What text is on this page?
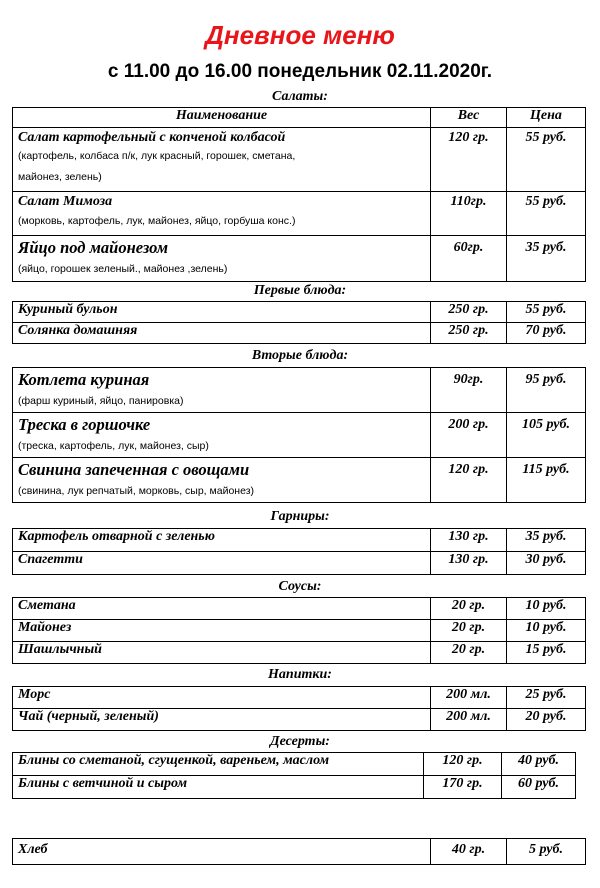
Дневное меню
с 11.00 до 16.00 понедельник 02.11.2020г.
Салаты:
Наименование	Вес	Цена

Салат картофельный с копченой колбасой
(картофель, колбаса п/к, лук красный, горошек, сметана,
майонез, зелень)	120 гр.	55 руб.

Салат Мимоза
(морковь, картофель, лук, майонез, яйцо, горбуша конс.)	110гр.	55 руб.

Яйцо под майонезом
(яйцо, горошек зеленый., майонез ,зелень)	60гр.	35 руб.
Первые блюда:
Куриный бульон	250 гр.	55 руб.
Солянка домашняя	250 гр.	70 руб.
Вторые блюда:
Котлета куриная
(фарш куриный, яйцо, панировка)	90гр.	95 руб.

Треска в горшочке
(треска, картофель, лук, майонез, сыр)	200 гр.	105 руб.

Свинина запеченная с овощами
(свинина, лук репчатый, морковь, сыр, майонез)	120 гр.	115 руб.
Гарниры:
Картофель отварной с зеленью	130 гр.	35 руб.
Спагетти	130 гр.	30 руб.
Соусы:
Сметана	20 гр.	10 руб.
Майонез	20 гр.	10 руб.
Шашлычный	20 гр.	15 руб.
Напитки:
Морс	200 мл.	25 руб.
Чай (черный, зеленый)	200 мл.	20 руб.
Десерты:
Блины со сметаной, сгущенкой, вареньем, маслом	120 гр.	40 руб.
Блины с ветчиной и сыром	170 гр.	60 руб.
Хлеб	40 гр.	5 руб.
